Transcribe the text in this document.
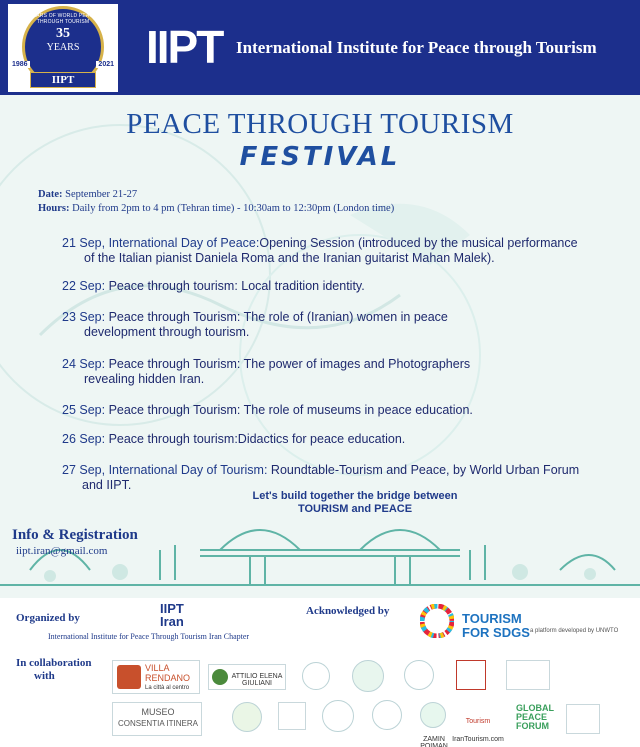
YEARS OF WORLD PEACE THROUGH TOURISM
35
YEARS
1986	2021
IIPT
IIPT International Institute for Peace through Tourism
PEACE THROUGH TOURISM
FESTIVAL
Date: September 21-27
Hours: Daily from 2pm to 4 pm (Tehran time) - 10:30am to 12:30pm (London time)
21 Sep, International Day of Peace:Opening Session (introduced by the musical performance
of the Italian pianist Daniela Roma and the Iranian guitarist Mahan Malek).
22 Sep: Peace through tourism: Local tradition identity.
23 Sep: Peace through Tourism: The role of (Iranian) women in peace
development through tourism.
24 Sep: Peace through Tourism: The power of images and Photographers
revealing hidden Iran.
25 Sep: Peace through Tourism: The role of museums in peace education.
26 Sep: Peace through tourism:Didactics for peace education.
27 Sep, International Day of Tourism: Roundtable-Tourism and Peace, by World Urban Forum
and IIPT.
Let's build together the bridge between
TOURISM and PEACE
Info & Registration
iipt.iran@gmail.com
Organized by
IIPT
Iran
International Institute for Peace Through Tourism Iran Chapter
Acknowledged by	TOURISM
FOR SDGS a platform developed by UNWTO
In collaboration
with
VILLA
RENDANO
La città al centro
ATTILIO ELENA GIULIANI
MUSEO
CONSENTIA ITINERA
ZAMIN POIMAN
Tourism
IranTourism.com
GLOBAL
PEACE
FORUM
